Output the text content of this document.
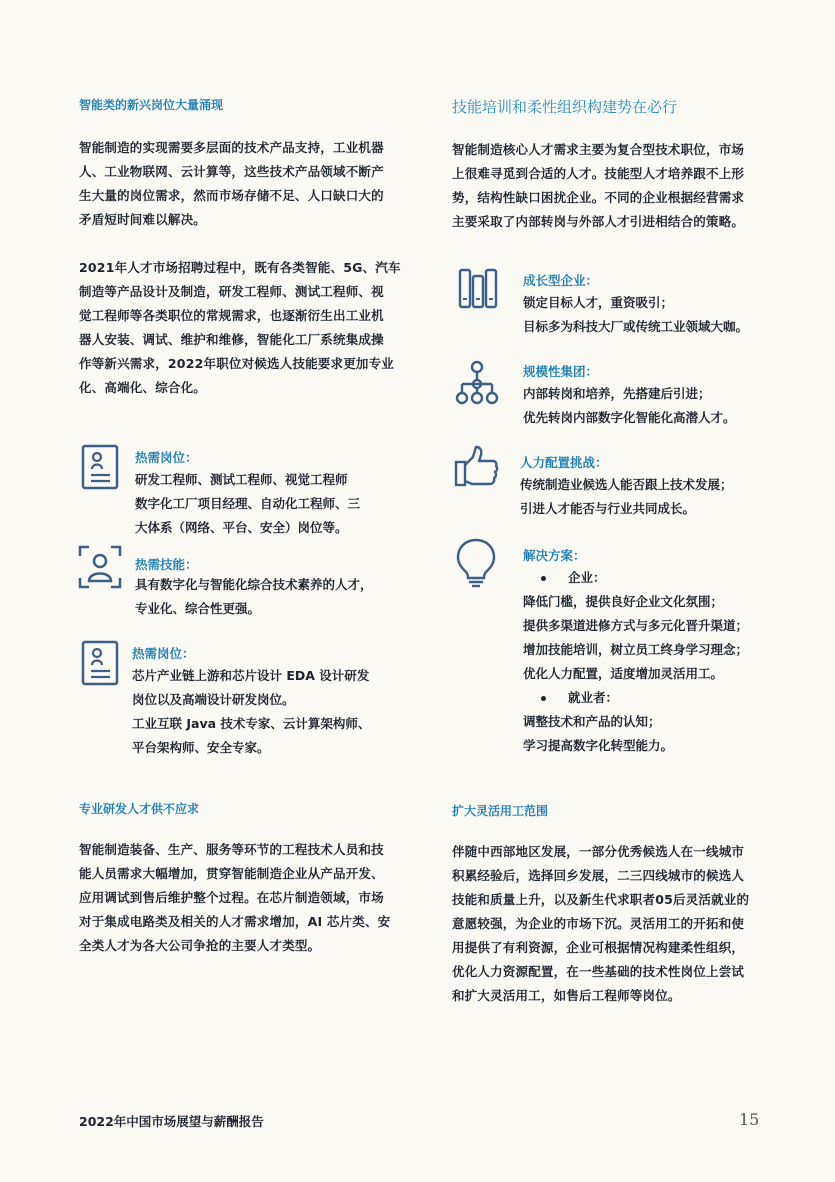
智能类的新兴岗位大量涌现
智能制造的实现需要多层面的技术产品支持，工业机器
人、工业物联网、云计算等，这些技术产品领域不断产
生大量的岗位需求，然而市场存储不足、人口缺口大的
矛盾短时间难以解决。
2021年人才市场招聘过程中，既有各类智能、5G、汽车
制造等产品设计及制造，研发工程师、测试工程师、视
觉工程师等各类职位的常规需求，也逐渐衍生出工业机
器人安装、调试、维护和维修，智能化工厂系统集成操
作等新兴需求，2022年职位对候选人技能要求更加专业
化、高端化、综合化。
热需岗位：
研发工程师、测试工程师、视觉工程师
数字化工厂项目经理、自动化工程师、三
大体系（网络、平台、安全）岗位等。
热需技能：
具有数字化与智能化综合技术素养的人才，
专业化、综合性更强。
热需岗位：
芯片产业链上游和芯片设计 EDA 设计研发
岗位以及高端设计研发岗位。
工业互联 Java 技术专家、云计算架构师、
平台架构师、安全专家。
专业研发人才供不应求
智能制造装备、生产、服务等环节的工程技术人员和技
能人员需求大幅增加，贯穿智能制造企业从产品开发、
应用调试到售后维护整个过程。在芯片制造领域，市场
对于集成电路类及相关的人才需求增加，AI 芯片类、安
全类人才为各大公司争抢的主要人才类型。
技能培训和柔性组织构建势在必行
智能制造核心人才需求主要为复合型技术职位，市场
上很难寻觅到合适的人才。技能型人才培养跟不上形
势，结构性缺口困扰企业。不同的企业根据经营需求
主要采取了内部转岗与外部人才引进相结合的策略。
成长型企业：
锁定目标人才，重资吸引；
目标多为科技大厂或传统工业领域大咖。
规模性集团：
内部转岗和培养，先搭建后引进；
优先转岗内部数字化智能化高潜人才。
人力配置挑战：
传统制造业候选人能否跟上技术发展；
引进人才能否与行业共同成长。
解决方案：
企业：
降低门槛，提供良好企业文化氛围；
提供多渠道进修方式与多元化晋升渠道；
增加技能培训，树立员工终身学习理念；
优化人力配置，适度增加灵活用工。
就业者：
调整技术和产品的认知；
学习提高数字化转型能力。
扩大灵活用工范围
伴随中西部地区发展，一部分优秀候选人在一线城市
积累经验后，选择回乡发展，二三四线城市的候选人
技能和质量上升，以及新生代求职者05后灵活就业的
意愿较强，为企业的市场下沉。灵活用工的开拓和使
用提供了有利资源，企业可根据情况构建柔性组织，
优化人力资源配置，在一些基础的技术性岗位上尝试
和扩大灵活用工，如售后工程师等岗位。
2022年中国市场展望与薪酬报告	15
